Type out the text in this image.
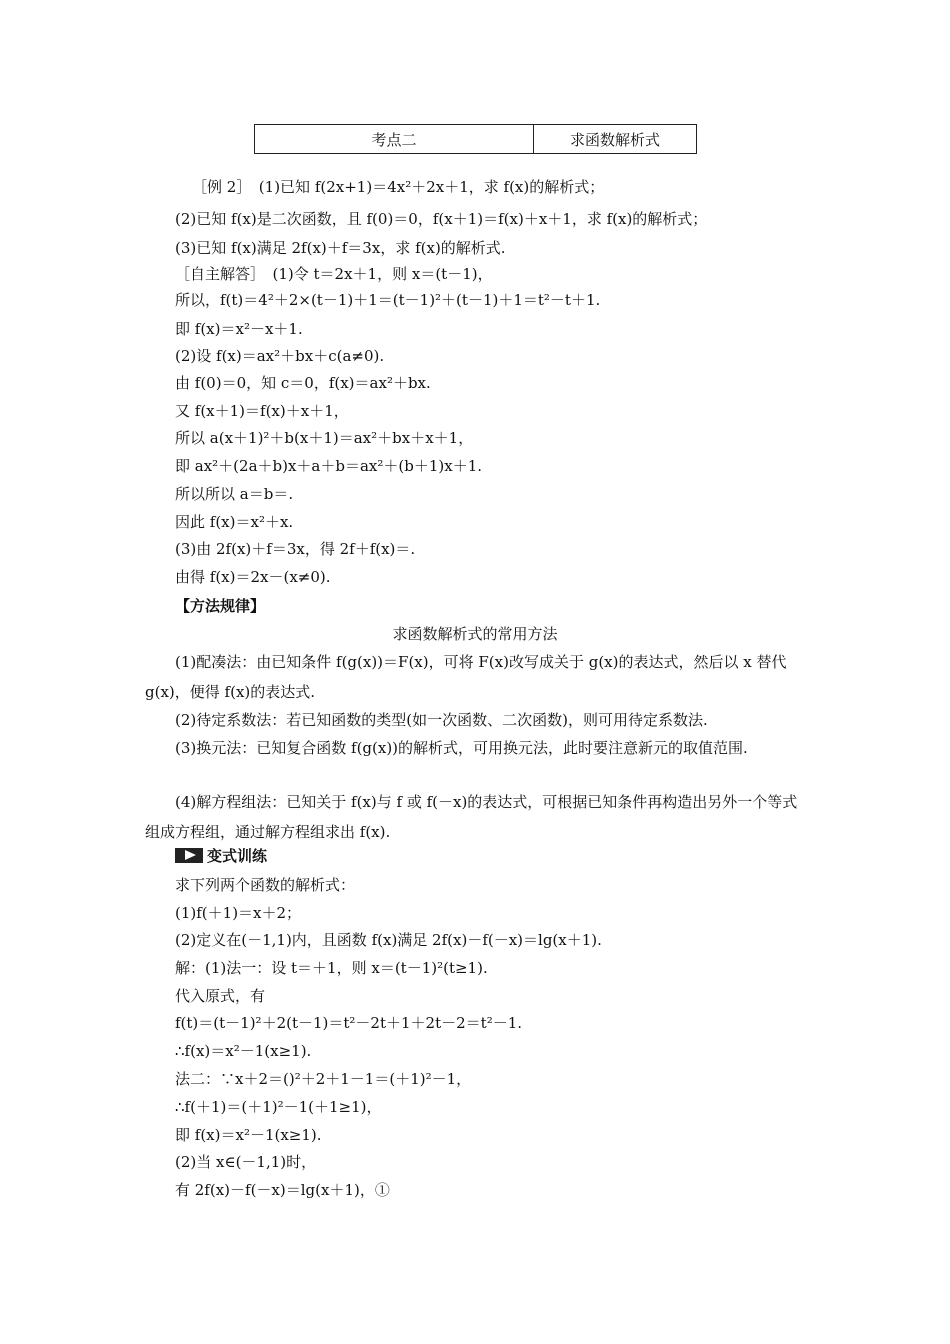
考点二	求函数解析式
［例 2］　(1)已知 f(2x+1)＝4x²＋2x＋1，求 f(x)的解析式；
(2)已知 f(x)是二次函数，且 f(0)＝0，f(x＋1)＝f(x)＋x＋1，求 f(x)的解析式；
(3)已知 f(x)满足 2f(x)＋f＝3x，求 f(x)的解析式.
［自主解答］　(1)令 t＝2x＋1，则 x＝(t－1)，
所以，f(t)＝4²＋2×(t－1)＋1＝(t－1)²＋(t－1)＋1＝t²－t＋1.
即 f(x)＝x²－x＋1.
(2)设 f(x)＝ax²＋bx＋c(a≠0).
由 f(0)＝0，知 c＝0，f(x)＝ax²＋bx.
又 f(x＋1)＝f(x)＋x＋1，
所以 a(x＋1)²＋b(x＋1)＝ax²＋bx＋x＋1，
即 ax²＋(2a＋b)x＋a＋b＝ax²＋(b＋1)x＋1.
所以所以 a＝b＝.
因此 f(x)＝x²＋x.
(3)由 2f(x)＋f＝3x，得 2f＋f(x)＝.
由得 f(x)＝2x－(x≠0).
【方法规律】
求函数解析式的常用方法
(1)配凑法：由已知条件 f(g(x))＝F(x)，可将 F(x)改写成关于 g(x)的表达式，然后以 x 替代 g(x)，便得 f(x)的表达式.
(2)待定系数法：若已知函数的类型(如一次函数、二次函数)，则可用待定系数法.
(3)换元法：已知复合函数 f(g(x))的解析式，可用换元法，此时要注意新元的取值范围.
(4)解方程组法：已知关于 f(x)与 f 或 f(－x)的表达式，可根据已知条件再构造出另外一个等式组成方程组，通过解方程组求出 f(x).
变式训练
求下列两个函数的解析式：
(1)f(＋1)＝x＋2；
(2)定义在(－1,1)内，且函数 f(x)满足 2f(x)－f(－x)＝lg(x＋1).
解：(1)法一：设 t＝＋1，则 x＝(t－1)²(t≥1).
代入原式，有
f(t)＝(t－1)²＋2(t－1)＝t²－2t＋1＋2t－2＝t²－1.
∴f(x)＝x²－1(x≥1).
法二：∵x＋2＝()²＋2＋1－1＝(＋1)²－1，
∴f(＋1)＝(＋1)²－1(＋1≥1)，
即 f(x)＝x²－1(x≥1).
(2)当 x∈(－1,1)时，
有 2f(x)－f(－x)＝lg(x＋1)，①
